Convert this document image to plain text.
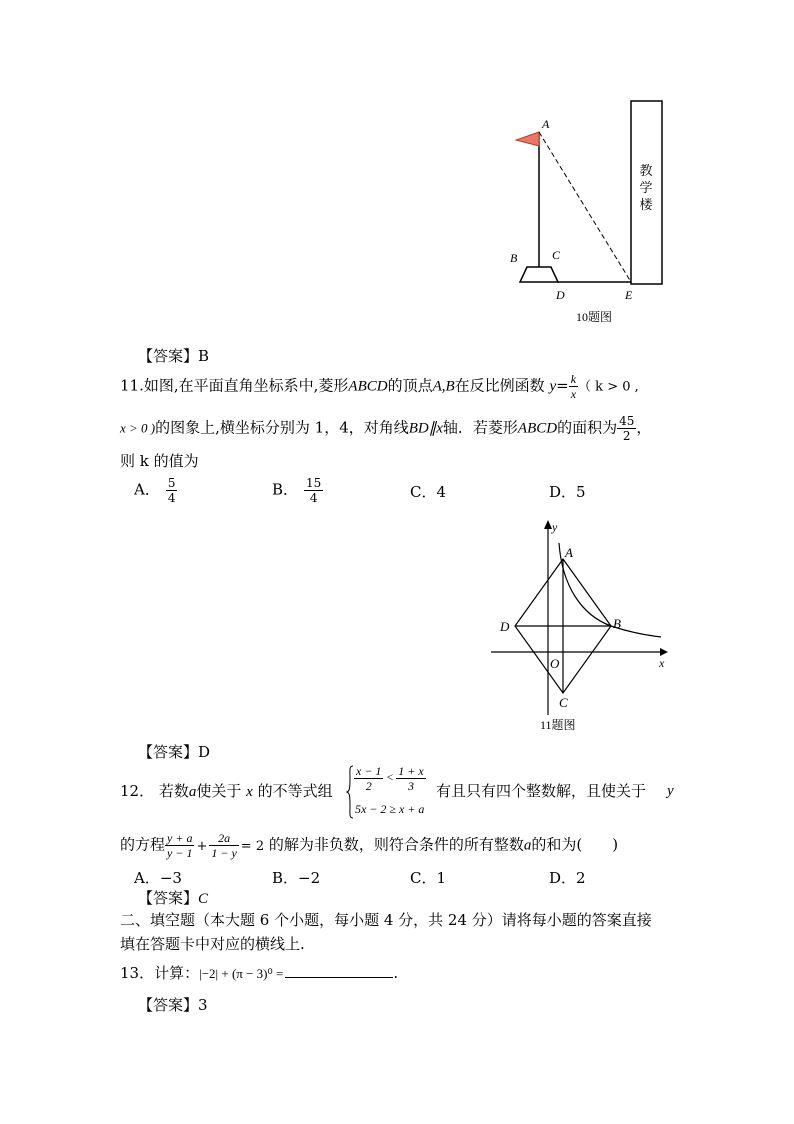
教
学
楼
A
B	C
D	E
10题图
【答案】B
11.如图,在平面直角坐标系中,菱形ABCD的顶点A,B在反比例函数 $y= \frac{k}{x}$ （ k > 0 ,
x > 0 )的图象上,横坐标分别为 1，4，对角线BD∥x轴．若菱形ABCD的面积为 $\frac{45}{2}$ ，
则 k 的值为
A． $\frac{5}{4}$	B． $\frac{15}{4}$	C．4	D．5
y
x
A
B
D
O
C
11题图
【答案】D
12． 若数a使关于 x 的不等式组 $\frac{x - 1}{2} < \frac{1 + x}{3}$
5x − 2 ≥ x + a
有且只有四个整数解，且使关于 y
的方程 $\frac{y + a}{y - 1} + \frac{2a}{1 - y} = 2$ 的解为非负数，则符合条件的所有整数a的和为(　　)
A．−3	B．−2	C．1	D．2
【答案】C
二、填空题（本大题 6 个小题，每小题 4 分，共 24 分）请将每小题的答案直接
填在答题卡中对应的横线上.
13．计算：|−2| + (π − 3)⁰ =	.
【答案】3
